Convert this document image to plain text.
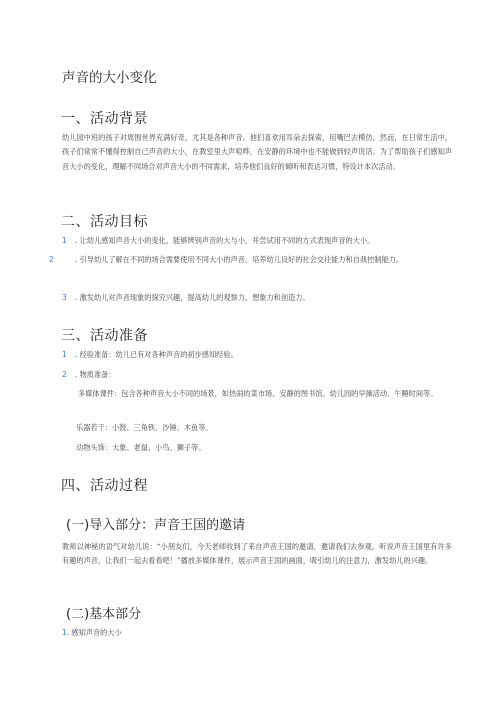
声音的大小变化
一、活动背景
幼儿园中班的孩子对周围世界充满好奇，尤其是各种声音。他们喜欢用耳朵去探索，用嘴巴去模仿。然而，在日常生活中，孩子们常常不懂得控制自己声音的大小，在教室里大声喧哗，在安静的环境中也不能做到轻声说话。为了帮助孩子们感知声音大小的变化，理解不同场合对声音大小的不同需求，培养他们良好的倾听和表达习惯，特设计本次活动。
二、活动目标
1 . 让幼儿感知声音大小的变化，能够辨别声音的大与小，并尝试用不同的方式表现声音的大小。
2	. 引导幼儿了解在不同的场合需要使用不同大小的声音，培养幼儿良好的社会交往能力和自我控制能力。
3 . 激发幼儿对声音现象的探究兴趣，提高幼儿的观察力、想象力和创造力。
三、活动准备
1 . 经验准备：幼儿已有对各种声音的初步感知经验。
2 . 物质准备：
多媒体课件：包含各种声音大小不同的场景，如热闹的菜市场、安静的图书馆、幼儿园的早操活动、午睡时间等。
乐器若干：小鼓、三角铁、沙锤、木鱼等。
动物头饰：大象、老鼠、小鸟、狮子等。
四、活动过程
(一)导入部分：声音王国的邀请
教师以神秘的语气对幼儿说：“小朋友们，今天老师收到了来自声音王国的邀请，邀请我们去参观。听说声音王国里有许多有趣的声音，让我们一起去看看吧！”播放多媒体课件，展示声音王国的画面，吸引幼儿的注意力，激发幼儿的兴趣。
(二)基本部分
1. 感知声音的大小
